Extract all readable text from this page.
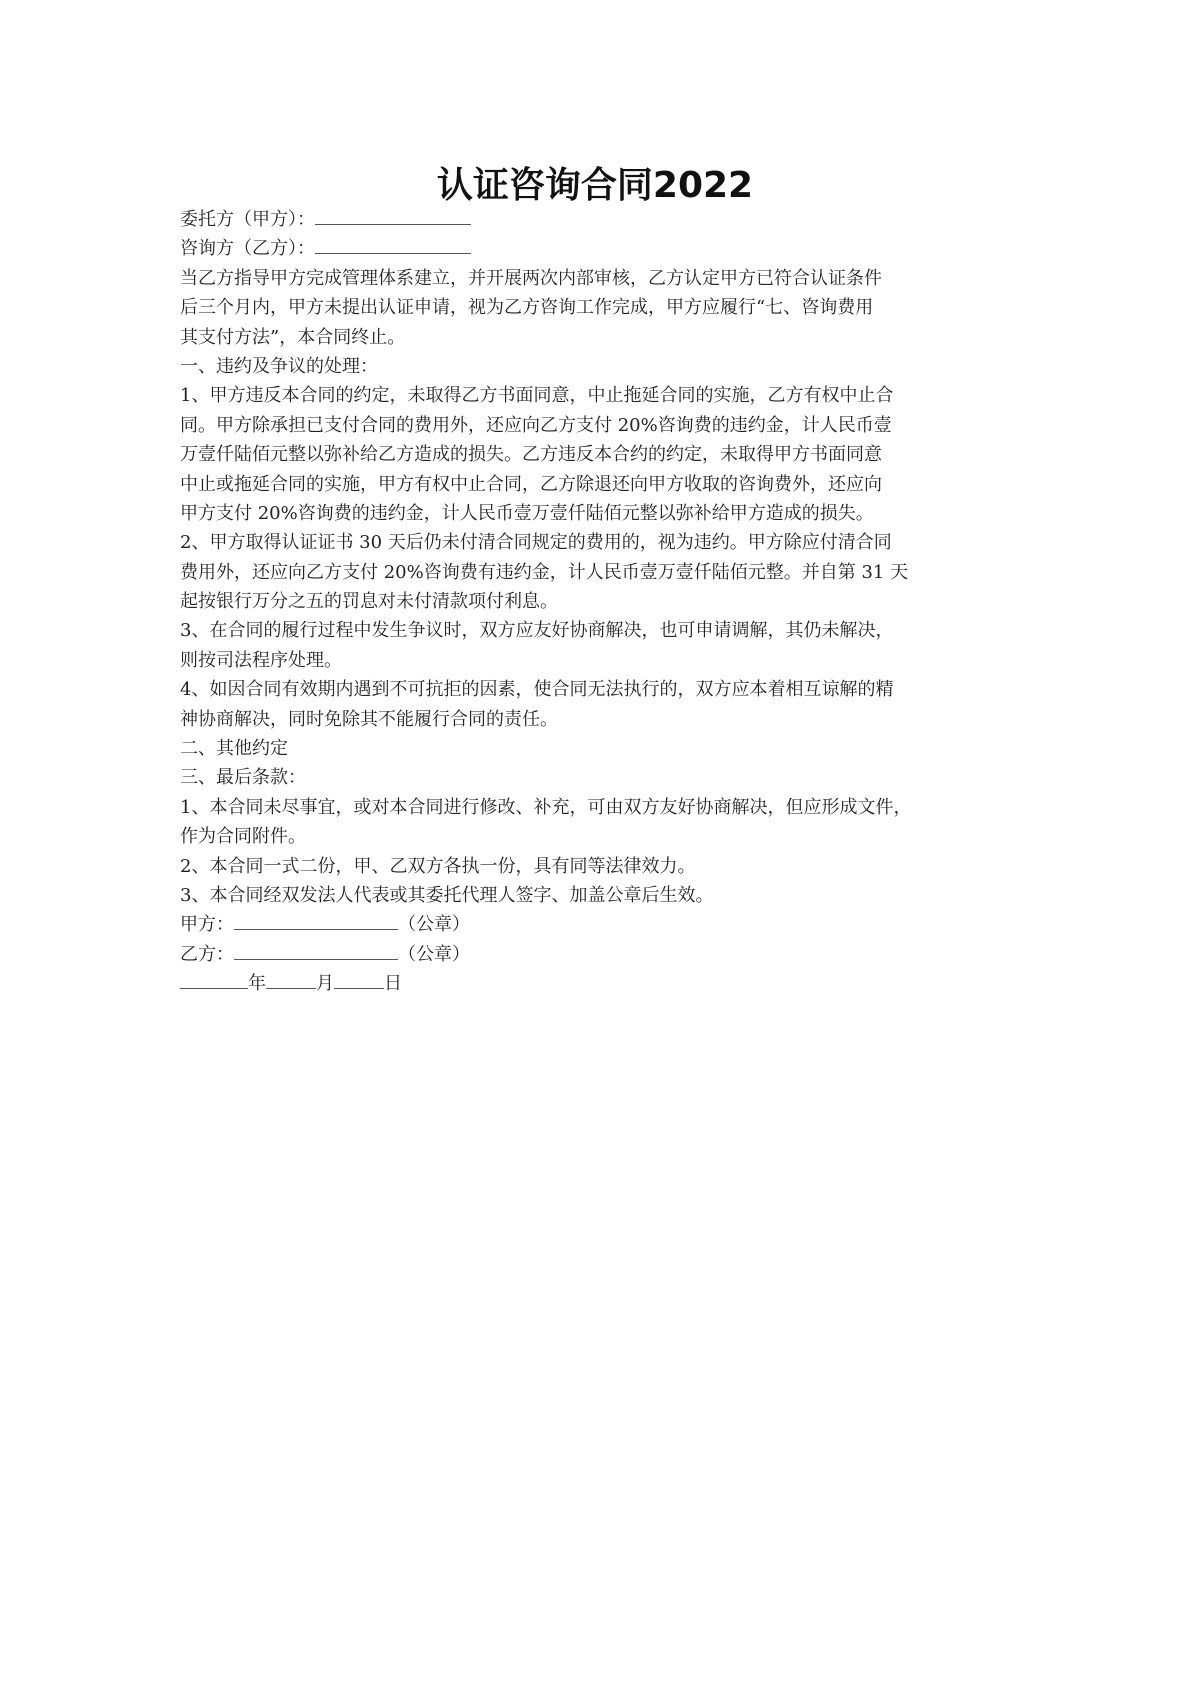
认证咨询合同2022
委托方（甲方）：
咨询方（乙方）：
当乙方指导甲方完成管理体系建立，并开展两次内部审核，乙方认定甲方已符合认证条件
后三个月内，甲方未提出认证申请，视为乙方咨询工作完成，甲方应履行“七、咨询费用
其支付方法”，本合同终止。
一、违约及争议的处理：
1、甲方违反本合同的约定，未取得乙方书面同意，中止拖延合同的实施，乙方有权中止合
同。甲方除承担已支付合同的费用外，还应向乙方支付 20%咨询费的违约金，计人民币壹
万壹仟陆佰元整以弥补给乙方造成的损失。乙方违反本合约的约定，未取得甲方书面同意
中止或拖延合同的实施，甲方有权中止合同，乙方除退还向甲方收取的咨询费外，还应向
甲方支付 20%咨询费的违约金，计人民币壹万壹仟陆佰元整以弥补给甲方造成的损失。
2、甲方取得认证证书 30 天后仍未付清合同规定的费用的，视为违约。甲方除应付清合同
费用外，还应向乙方支付 20%咨询费有违约金，计人民币壹万壹仟陆佰元整。并自第 31 天
起按银行万分之五的罚息对未付清款项付利息。
3、在合同的履行过程中发生争议时，双方应友好协商解决，也可申请调解，其仍未解决，
则按司法程序处理。
4、如因合同有效期内遇到不可抗拒的因素，使合同无法执行的，双方应本着相互谅解的精
神协商解决，同时免除其不能履行合同的责任。
二、其他约定
三、最后条款：
1、本合同未尽事宜，或对本合同进行修改、补充，可由双方友好协商解决，但应形成文件，
作为合同附件。
2、本合同一式二份，甲、乙双方各执一份，具有同等法律效力。
3、本合同经双发法人代表或其委托代理人签字、加盖公章后生效。
甲方：	（公章）
乙方：	（公章）
年	月	日
